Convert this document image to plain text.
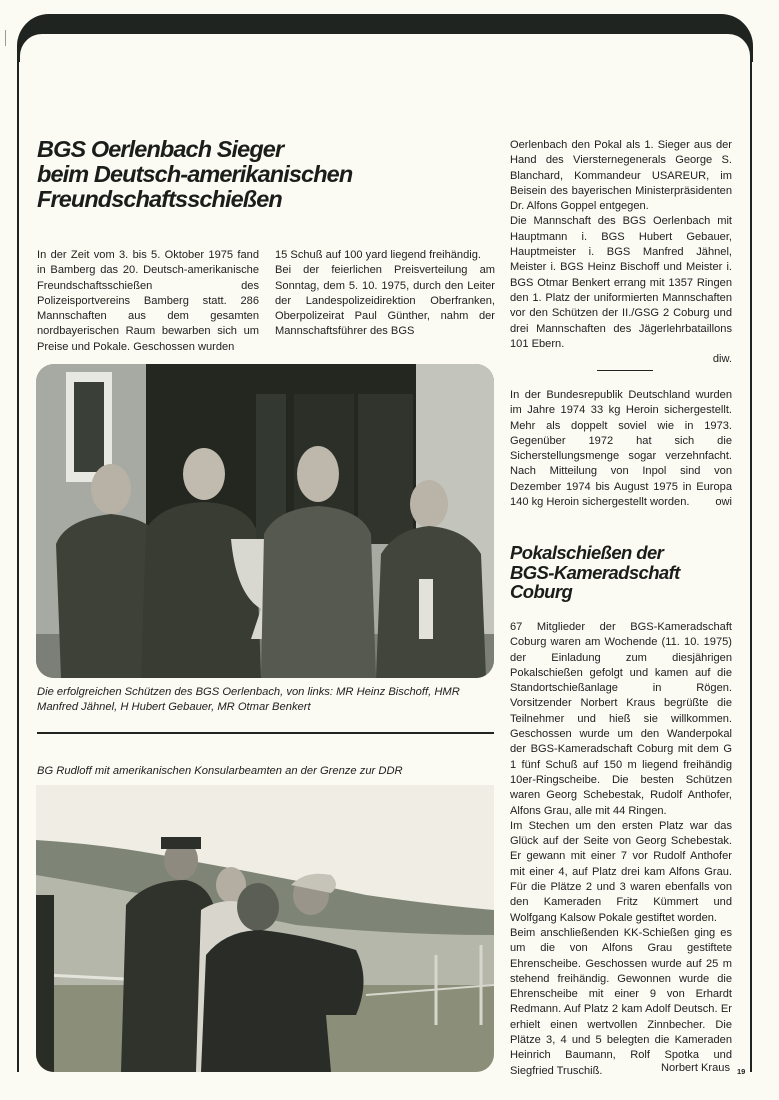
BGS Oerlenbach Sieger
beim Deutsch-amerikanischen
Freundschaftsschießen

In der Zeit vom 3. bis 5. Oktober 1975 fand in Bamberg das 20. Deutsch-amerikanische Freundschaftsschießen des Polizeisportvereins Bamberg statt. 286 Mannschaften aus dem gesamten nordbayerischen Raum bewarben sich um Preise und Pokale. Geschossen wurden

15 Schuß auf 100 yard liegend freihändig.

Bei der feierlichen Preisverteilung am Sonntag, dem 5. 10. 1975, durch den Leiter der Landespolizeidirektion Oberfranken, Oberpolizeirat Paul Günther, nahm der Mannschaftsführer des BGS

Oerlenbach den Pokal als 1. Sieger aus der Hand des Viersternegenerals George S. Blanchard, Kommandeur USAREUR, im Beisein des bayerischen Ministerpräsidenten Dr. Alfons Goppel entgegen.

Die Mannschaft des BGS Oerlenbach mit Hauptmann i. BGS Hubert Gebauer, Hauptmeister i. BGS Manfred Jähnel, Meister i. BGS Heinz Bischoff und Meister i. BGS Otmar Benkert errang mit 1357 Ringen den 1. Platz der uniformierten Mannschaften vor den Schützen der II./GSG 2 Coburg und drei Mannschaften des Jägerlehrbataillons 101 Ebern.

diw.

In der Bundesrepublik Deutschland wurden im Jahre 1974 33 kg Heroin sichergestellt. Mehr als doppelt soviel wie in 1973. Gegenüber 1972 hat sich die Sicherstellungsmenge sogar verzehnfacht. Nach Mitteilung von Inpol sind von Dezember 1974 bis August 1975 in Europa 140 kg Heroin sichergestellt worden.	owi

Pokalschießen der
BGS-Kameradschaft
Coburg

67 Mitglieder der BGS-Kameradschaft Coburg waren am Wochende (11. 10. 1975) der Einladung zum diesjährigen Pokalschießen gefolgt und kamen auf die Standortschießanlage in Rögen. Vorsitzender Norbert Kraus begrüßte die Teilnehmer und hieß sie willkommen. Geschossen wurde um den Wanderpokal der BGS-Kameradschaft Coburg mit dem G 1 fünf Schuß auf 150 m liegend freihändig 10er-Ringscheibe. Die besten Schützen waren Georg Schebestak, Rudolf Anthofer, Alfons Grau, alle mit 44 Ringen.

Im Stechen um den ersten Platz war das Glück auf der Seite von Georg Schebestak. Er gewann mit einer 7 vor Rudolf Anthofer mit einer 4, auf Platz drei kam Alfons Grau. Für die Plätze 2 und 3 waren ebenfalls von den Kameraden Fritz Kümmert und Wolfgang Kalsow Pokale gestiftet worden.

Beim anschließenden KK-Schießen ging es um die von Alfons Grau gestiftete Ehrenscheibe. Geschossen wurde auf 25 m stehend freihändig. Gewonnen wurde die Ehrenscheibe mit einer 9 von Erhardt Redmann. Auf Platz 2 kam Adolf Deutsch. Er erhielt einen wertvollen Zinnbecher. Die Plätze 3, 4 und 5 belegten die Kameraden Heinrich Baumann, Rolf Spotka und Siegfried Truschiß.	Norbert Kraus 19
Die erfolgreichen Schützen des BGS Oerlenbach, von links: MR Heinz Bischoff, HMR Manfred Jähnel, H Hubert Gebauer, MR Otmar Benkert
BG Rudloff mit amerikanischen Konsularbeamten an der Grenze zur DDR
